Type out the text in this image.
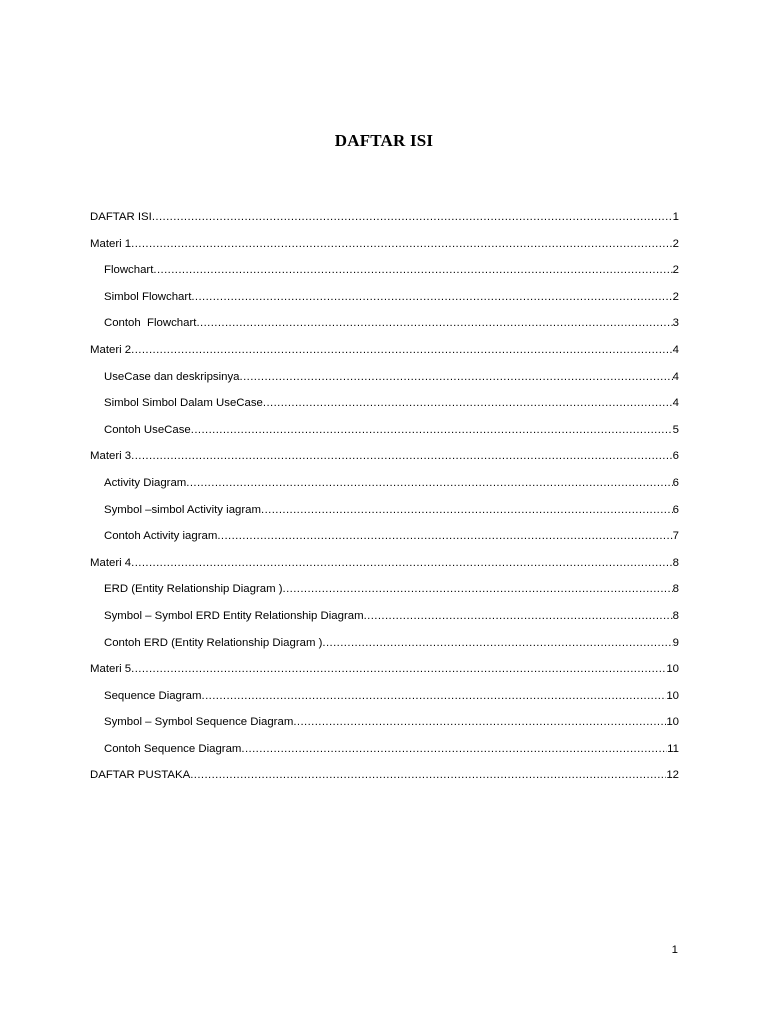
DAFTAR ISI
DAFTAR ISI .....	1
Materi 1 .....	2
Flowchart .....	2
Simbol Flowchart .....	2
Contoh  Flowchart .....	3
Materi 2 .....	4
UseCase dan deskripsinya .....	4
Simbol Simbol Dalam UseCase .....	4
Contoh UseCase .....	5
Materi 3 .....	6
Activity Diagram .....	6
Symbol –simbol Activity iagram .....	6
Contoh Activity iagram .....	7
Materi 4 .....	8
ERD (Entity Relationship Diagram ) .....	8
Symbol – Symbol ERD Entity Relationship Diagram .....	8
Contoh ERD (Entity Relationship Diagram ) .....	9
Materi 5 .....	10
Sequence Diagram .....	10
Symbol – Symbol Sequence Diagram .....	10
Contoh Sequence Diagram .....	11
DAFTAR PUSTAKA .....	12
1
